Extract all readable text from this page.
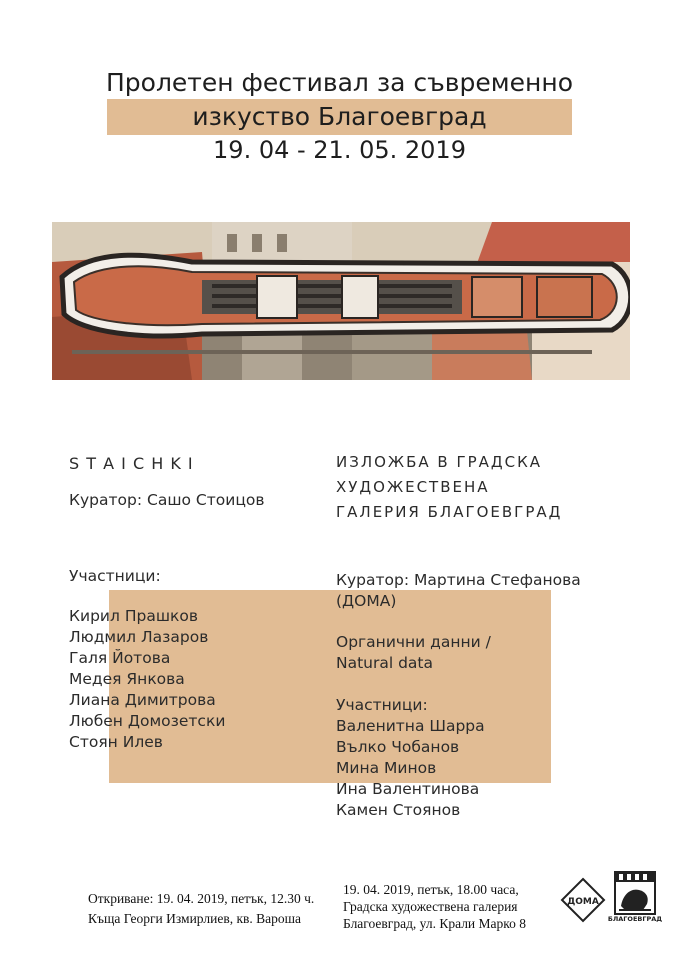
Пролетен фестивал за съвременно
изкуство Благоевград
19. 04 - 21. 05. 2019
S T A I C H K I
Куратор: Сашо Стоицов
Участници:
Кирил Прашков
Людмил Лазаров
Галя Йотова
Медея Янкова
Лиана Димитрова
Любен Домозетски
Стоян Илев
ИЗЛОЖБА В ГРАДСКА
ХУДОЖЕСТВЕНА
ГАЛЕРИЯ БЛАГОЕВГРАД
Куратор: Мартина Стефанова
(ДОМА)
Органични данни /
Natural data
Участници:
Валенитна Шарра
Вълко Чобанов
Мина Минов
Ина Валентинова
Камен Стоянов
Откриване: 19. 04. 2019, петък, 12.30 ч.
Къща Георги Измирлиев, кв. Вароша
19. 04. 2019, петък, 18.00 часа,
Градска художествена галерия
Благоевград, ул. Крали Марко 8
ДОМА
БЛАГОЕВГРАД
